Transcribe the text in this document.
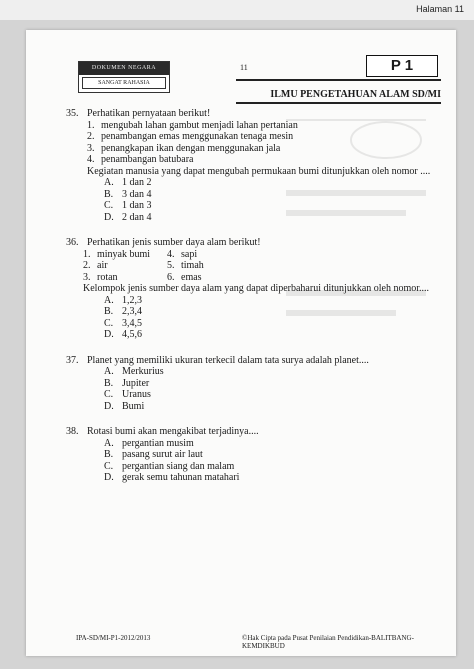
Halaman 11
DOKUMEN NEGARA
SANGAT RAHASIA
11	P 1
ILMU PENGETAHUAN ALAM SD/MI
35. Perhatikan pernyataan berikut!
1. mengubah lahan gambut menjadi lahan pertanian
2. penambangan emas menggunakan tenaga mesin
3. penangkapan ikan dengan menggunakan jala
4. penambangan batubara
Kegiatan manusia yang dapat mengubah permukaan bumi ditunjukkan oleh nomor ....
A. 1 dan 2
B. 3 dan 4
C. 1 dan 3
D. 2 dan 4
36. Perhatikan jenis sumber daya alam berikut!
1. minyak bumi 4. sapi
2. air	5. timah
3. rotan	6. emas
Kelompok jenis sumber daya alam yang dapat diperbaharui ditunjukkan oleh nomor....
A. 1,2,3
B. 2,3,4
C. 3,4,5
D. 4,5,6
37. Planet yang memiliki ukuran terkecil dalam tata surya adalah planet....
A. Merkurius
B. Jupiter
C. Uranus
D. Bumi
38. Rotasi bumi akan mengakibat terjadinya....
A. pergantian musim
B. pasang surut air laut
C. pergantian siang dan malam
D. gerak semu tahunan matahari
IPA-SD/MI-P1-2012/2013	©Hak Cipta pada Pusat Penilaian Pendidikan-BALITBANG-KEMDIKBUD
